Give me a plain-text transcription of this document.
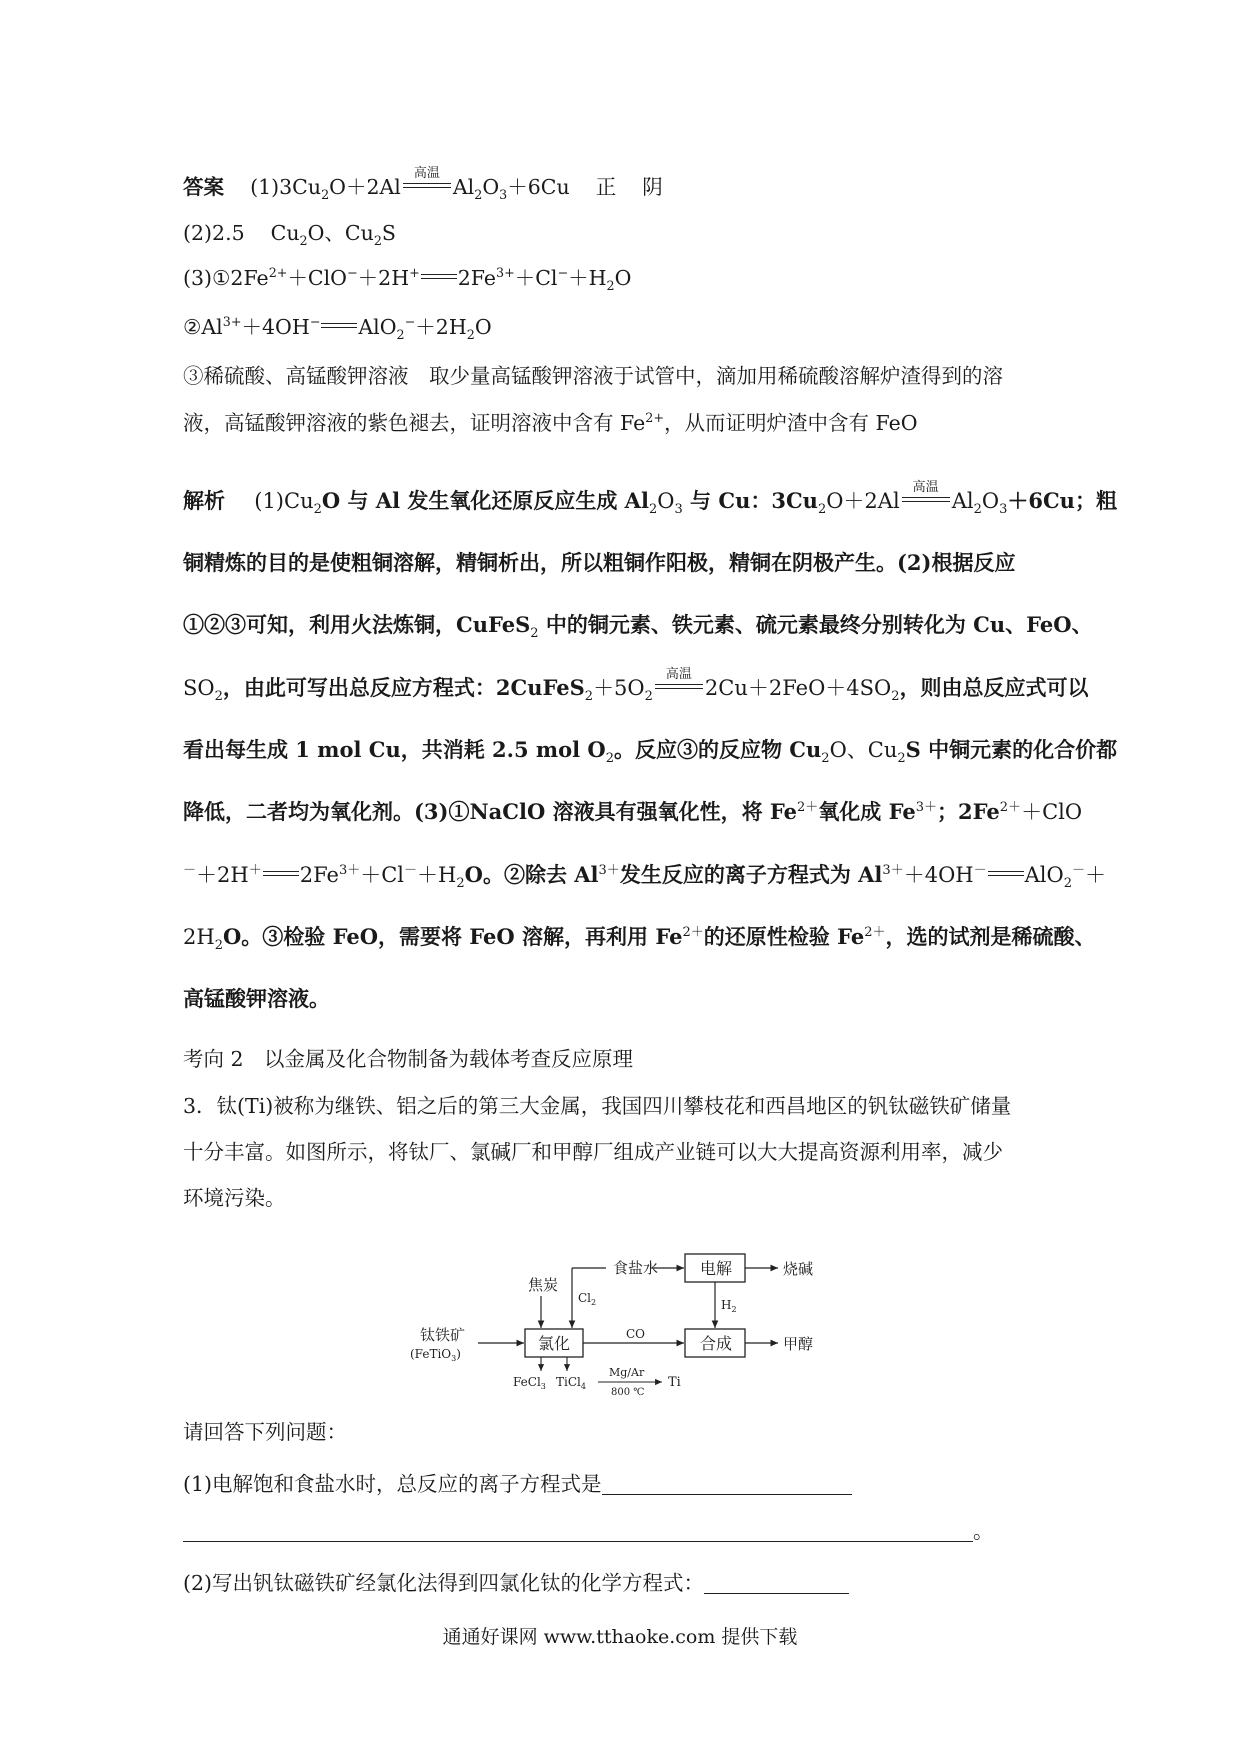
答案 $(1)3Cu_2O+2Al$
高温
$Al_2O_3+6Cu$ 正 阴
(2)2.5 $Cu_2O$、$Cu_2S$
$(3)①2Fe^{2+}+ClO^-+2H^+$ $2Fe^{3+}+Cl^-+H_2O$
$②Al^{3+}+4OH^-$ $AlO_2^-+2H_2O$
③稀硫酸、高锰酸钾溶液　取少量高锰酸钾溶液于试管中，滴加用稀硫酸溶解炉渣得到的溶
液，高锰酸钾溶液的紫色褪去，证明溶液中含有 $Fe^{2+}$，从而证明炉渣中含有 FeO
解析 $(1)Cu_2O$ 与 Al 发生氧化还原反应生成 $Al_2O_3$ 与 Cu：$3Cu_2O+2Al$
高温
$Al_2O_3+6Cu$；粗
铜精炼的目的是使粗铜溶解，精铜析出，所以粗铜作阳极，精铜在阴极产生。(2)根据反应
①②③可知，利用火法炼铜，CuFeS$_2$ 中的铜元素、铁元素、硫元素最终分别转化为 Cu、FeO、
$SO_2$，由此可写出总反应方程式：$2CuFeS_2+5O_2$
高温
$2Cu+2FeO+4SO_2$，则由总反应式可以
看出每生成 1 mol Cu，共消耗 2.5 mol $O_2$。反应③的反应物 $Cu_2O$、$Cu_2S$ 中铜元素的化合价都
降低，二者均为氧化剂。(3)①NaClO 溶液具有强氧化性，将 $Fe^{2+}$氧化成 $Fe^{3+}$；$2Fe^{2+}+ClO$
－＋2H＋ $2Fe^{3+}+Cl^-+H_2O$。②除去 $Al^{3+}$发生反应的离子方程式为 $Al^{3+}+4OH^-$ AlO$_2$－＋
$2H_2O$。③检验 FeO，需要将 FeO 溶解，再利用 $Fe^{2+}$的还原性检验 $Fe^{2+}$，选的试剂是稀硫酸、
高锰酸钾溶液。
考向 2　以金属及化合物制备为载体考查反应原理
3．钛(Ti)被称为继铁、铝之后的第三大金属，我国四川攀枝花和西昌地区的钒钛磁铁矿储量
十分丰富。如图所示，将钛厂、氯碱厂和甲醇厂组成产业链可以大大提高资源利用率，减少
环境污染。
食盐水	电解	烧碱
焦炭
$Cl_2$	$H_2$
钛铁矿
(FeTiO$_3$)
氯化	CO	合成	甲醇
FeCl$_3$ TiCl$_4$
Mg/Ar
800 ℃
Ti
请回答下列问题：
(1)电解饱和食盐水时，总反应的离子方程式是
。
(2)写出钒钛磁铁矿经氯化法得到四氯化钛的化学方程式：
通通好课网 www.tthaoke.com 提供下载
